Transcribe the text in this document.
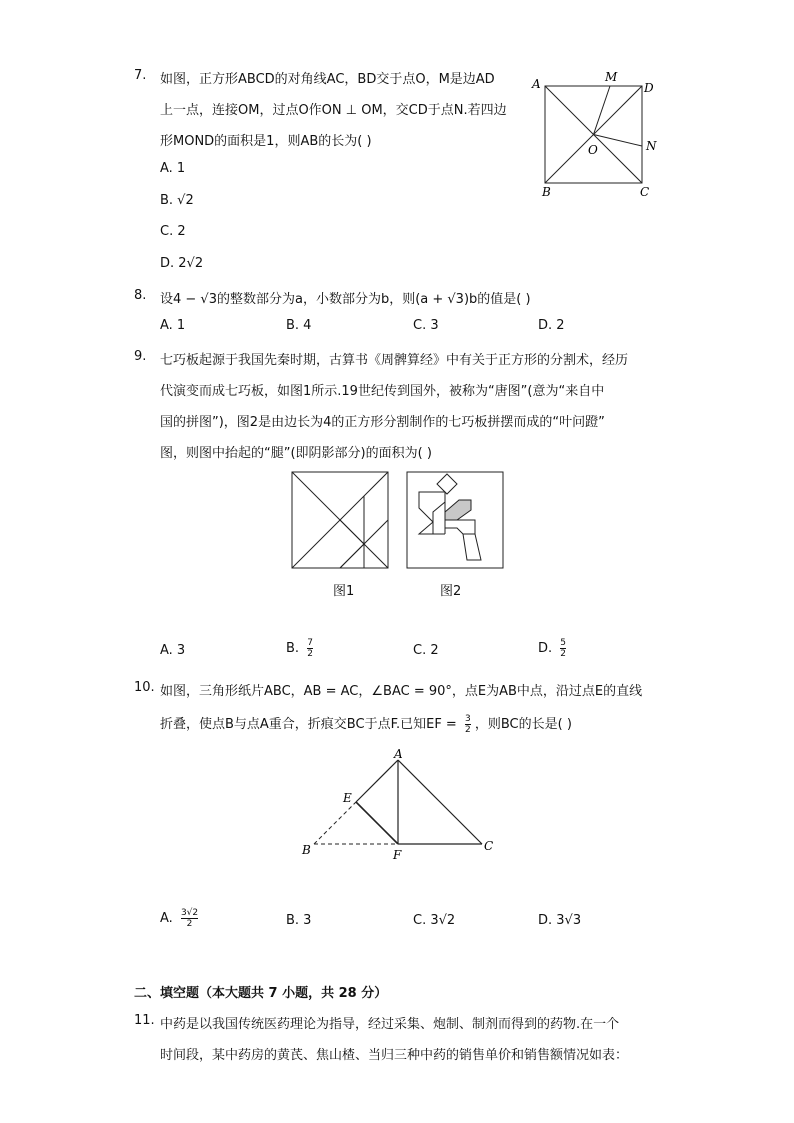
7. 如图，正方形ABCD的对角线AC，BD交于点O，M是边AD
上一点，连接OM，过点O作ON ⊥ OM，交CD于点N.若四边
形MOND的面积是1，则AB的长为( )
A. 1
B. √2
C. 2
D. 2√2
A	M
D
N
O
B	C
8. 设4 − √3的整数部分为a，小数部分为b，则(a + √3)b的值是( )
A. 1	B. 4	C. 3	D. 2
9. 七巧板起源于我国先秦时期，古算书《周髀算经》中有关于正方形的分割术，经历
代演变而成七巧板，如图1所示.19世纪传到国外，被称为“唐图”(意为“来自中
国的拼图”)，图2是由边长为4的正方形分割制作的七巧板拼摆而成的“叶问蹬”
图，则图中抬起的“腿”(即阴影部分)的面积为( )
图1	图2
A. 3	B. $\frac{7}{2}$	C. 2	D. $\frac{5}{2}$
10. 如图，三角形纸片ABC，AB = AC，∠BAC = 90°，点E为AB中点，沿过点E的直线
折叠，使点B与点A重合，折痕交BC于点F.已知EF = $\frac{3}{2}$ ，则BC的长是( )
A
E
B	F
C
A. $\frac{3√2}{2}$	B. 3	C. 3√2	D. 3√3
二、填空题（本大题共 7 小题，共 28 分）
11. 中药是以我国传统医药理论为指导，经过采集、炮制、制剂而得到的药物.在一个
时间段，某中药房的黄芪、焦山楂、当归三种中药的销售单价和销售额情况如表：
